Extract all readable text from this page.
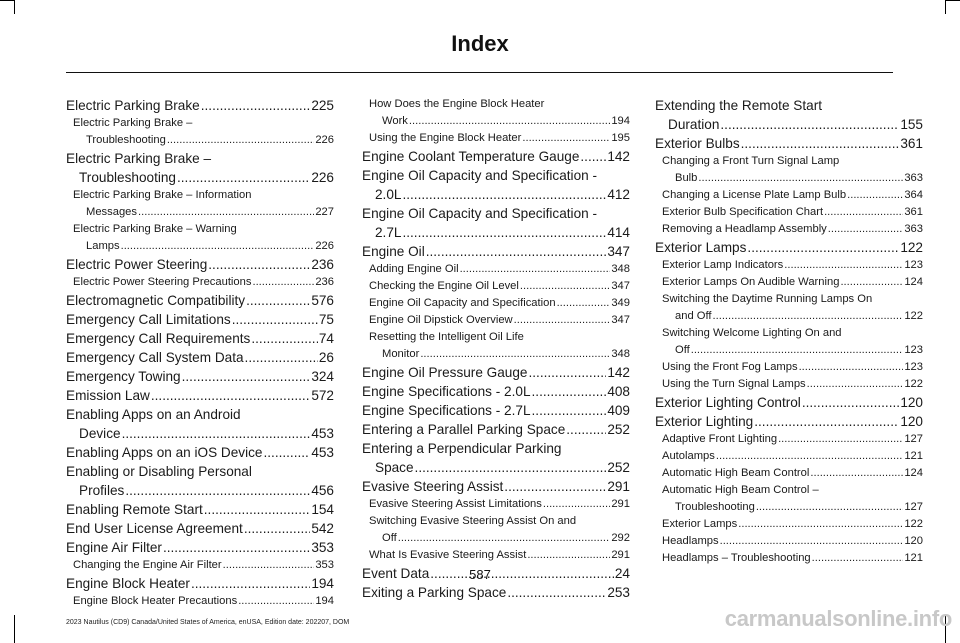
Index
Electric Parking Brake .....	225
Electric Parking Brake –
Troubleshooting .....	226
Electric Parking Brake –
Troubleshooting .....	226
Electric Parking Brake – Information
Messages .....	227
Electric Parking Brake – Warning
Lamps .....	226
Electric Power Steering .....	236
Electric Power Steering Precautions .....	236
Electromagnetic Compatibility .....	576
Emergency Call Limitations .....	75
Emergency Call Requirements .....	74
Emergency Call System Data .....	26
Emergency Towing .....	324
Emission Law .....	572
Enabling Apps on an Android
Device .....	453
Enabling Apps on an iOS Device .....	453
Enabling or Disabling Personal
Profiles .....	456
Enabling Remote Start .....	154
End User License Agreement .....	542
Engine Air Filter .....	353
Changing the Engine Air Filter .....	353
Engine Block Heater .....	194
Engine Block Heater Precautions .....	194
How Does the Engine Block Heater
Work .....	194
Using the Engine Block Heater .....	195
Engine Coolant Temperature Gauge ..... 142
Engine Oil Capacity and Specification -
2.0L .....	412
Engine Oil Capacity and Specification -
2.7L .....	414
Engine Oil .....	347
Adding Engine Oil .....	348
Checking the Engine Oil Level .....	347
Engine Oil Capacity and Specification .....	349
Engine Oil Dipstick Overview .....	347
Resetting the Intelligent Oil Life
Monitor .....	348
Engine Oil Pressure Gauge .....	142
Engine Specifications - 2.0L .....	408
Engine Specifications - 2.7L .....	409
Entering a Parallel Parking Space .....	252
Entering a Perpendicular Parking
Space .....	252
Evasive Steering Assist .....	291
Evasive Steering Assist Limitations .....	291
Switching Evasive Steering Assist On and
Off .....	292
What Is Evasive Steering Assist .....	291
Event Data .....	24
Exiting a Parking Space .....	253
Extending the Remote Start
Duration .....	155
Exterior Bulbs .....	361
Changing a Front Turn Signal Lamp
Bulb .....	363
Changing a License Plate Lamp Bulb .....	364
Exterior Bulb Specification Chart .....	361
Removing a Headlamp Assembly .....	363
Exterior Lamps .....	122
Exterior Lamp Indicators .....	123
Exterior Lamps On Audible Warning .....	124
Switching the Daytime Running Lamps On
and Off .....	122
Switching Welcome Lighting On and
Off .....	123
Using the Front Fog Lamps .....	123
Using the Turn Signal Lamps .....	122
Exterior Lighting Control .....	120
Exterior Lighting .....	120
Adaptive Front Lighting .....	127
Autolamps .....	121
Automatic High Beam Control .....	124
Automatic High Beam Control –
Troubleshooting .....	127
Exterior Lamps .....	122
Headlamps .....	120
Headlamps – Troubleshooting .....	121
587
2023 Nautilus (CD9) Canada/United States of America, enUSA, Edition date: 202207, DOM	carmanualsonline.info
